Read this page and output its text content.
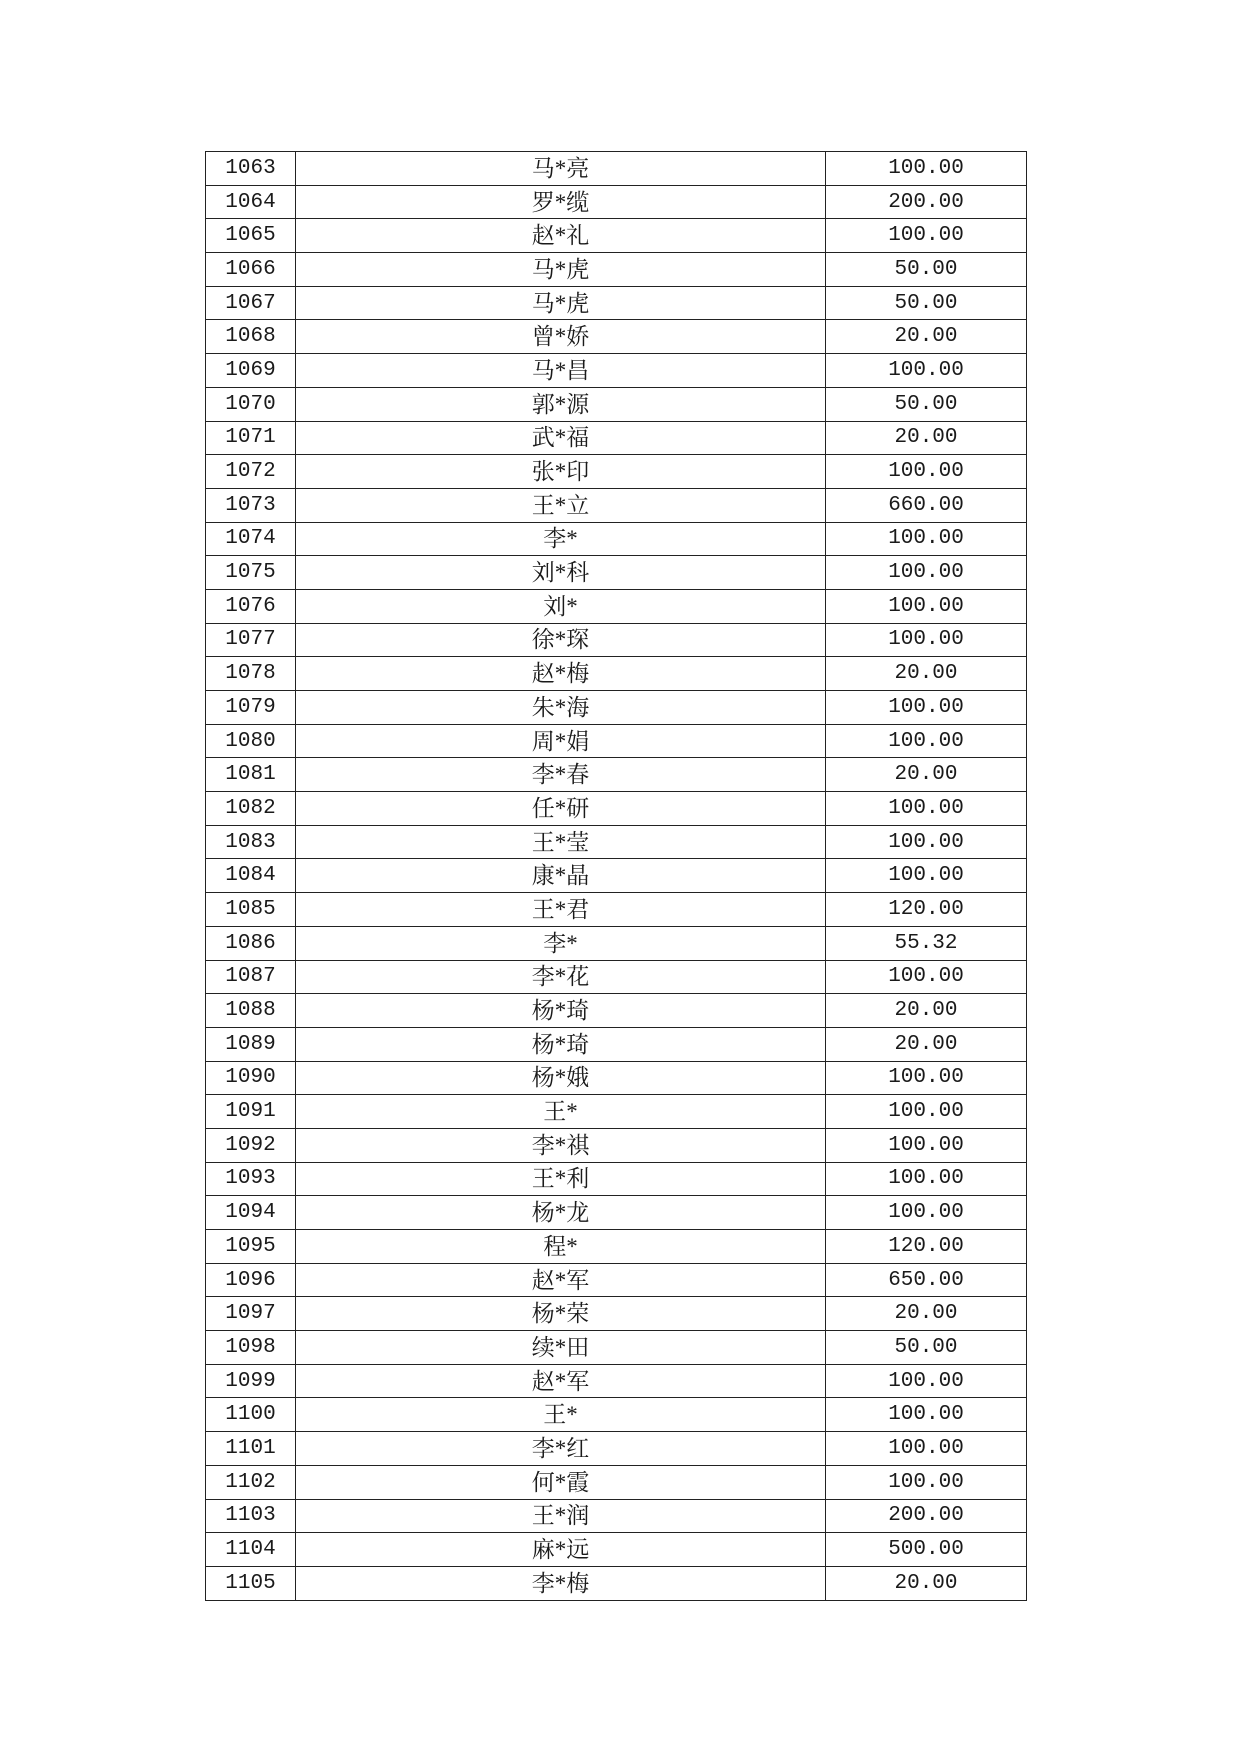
1063	马*亮	100.00
1064	罗*缆	200.00
1065	赵*礼	100.00
1066	马*虎	50.00
1067	马*虎	50.00
1068	曾*娇	20.00
1069	马*昌	100.00
1070	郭*源	50.00
1071	武*福	20.00
1072	张*印	100.00
1073	王*立	660.00
1074	李*	100.00
1075	刘*科	100.00
1076	刘*	100.00
1077	徐*琛	100.00
1078	赵*梅	20.00
1079	朱*海	100.00
1080	周*娟	100.00
1081	李*春	20.00
1082	任*研	100.00
1083	王*莹	100.00
1084	康*晶	100.00
1085	王*君	120.00
1086	李*	55.32
1087	李*花	100.00
1088	杨*琦	20.00
1089	杨*琦	20.00
1090	杨*娥	100.00
1091	王*	100.00
1092	李*祺	100.00
1093	王*利	100.00
1094	杨*龙	100.00
1095	程*	120.00
1096	赵*军	650.00
1097	杨*荣	20.00
1098	续*田	50.00
1099	赵*军	100.00
1100	王*	100.00
1101	李*红	100.00
1102	何*霞	100.00
1103	王*润	200.00
1104	麻*远	500.00
1105	李*梅	20.00
